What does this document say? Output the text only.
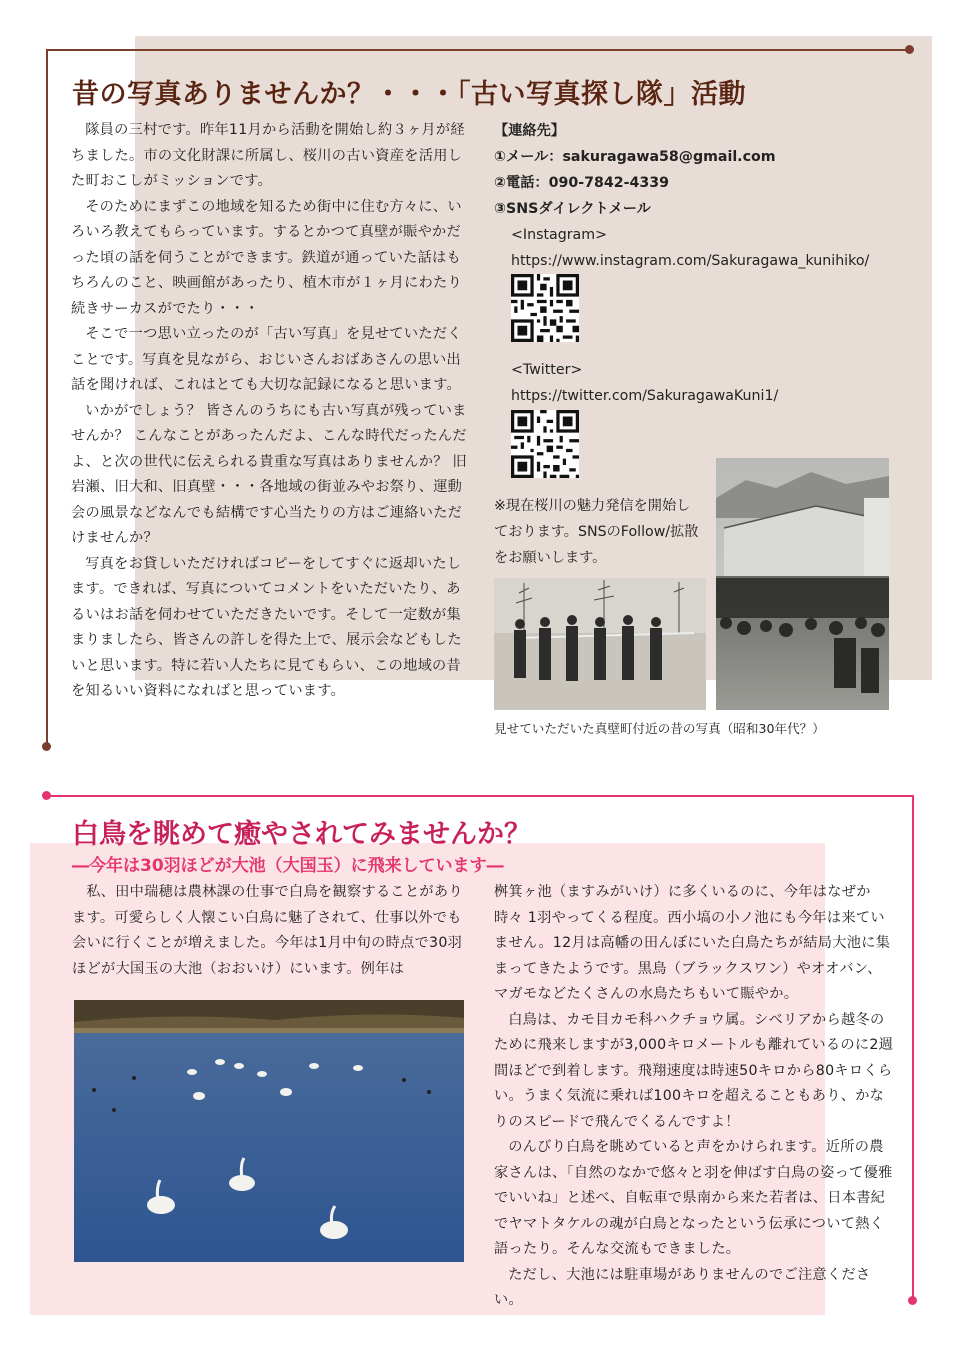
昔の写真ありませんか？・・・「古い写真探し隊」活動

隊員の三村です。昨年11月から活動を開始し約３ヶ月が経ちました。市の文化財課に所属し、桜川の古い資産を活用した町おこしがミッションです。

そのためにまずこの地域を知るため街中に住む方々に、いろいろ教えてもらっています。するとかつて真壁が賑やかだった頃の話を伺うことができます。鉄道が通っていた話はもちろんのこと、映画館があったり、植木市が１ヶ月にわたり続きサーカスがでたり・・・

そこで一つ思い立ったのが「古い写真」を見せていただくことです。写真を見ながら、おじいさんおばあさんの思い出話を聞ければ、これはとても大切な記録になると思います。

いかがでしょう？ 皆さんのうちにも古い写真が残っていませんか？ こんなことがあったんだよ、こんな時代だったんだよ、と次の世代に伝えられる貴重な写真はありませんか？ 旧岩瀬、旧大和、旧真壁・・・各地域の街並みやお祭り、運動会の風景などなんでも結構です心当たりの方はご連絡いただけませんか？

写真をお貸しいただければコピーをしてすぐに返却いたします。できれば、写真についてコメントをいただいたり、あるいはお話を伺わせていただきたいです。そして一定数が集まりましたら、皆さんの許しを得た上で、展示会などもしたいと思います。特に若い人たちに見てもらい、この地域の昔を知るいい資料になればと思っています。

【連絡先】
①メール：sakuragawa58@gmail.com
②電話：090-7842-4339
③SNSダイレクトメール
<Instagram>
https://www.instagram.com/Sakuragawa_kunihiko/
<Twitter>
https://twitter.com/SakuragawaKuni1/
※現在桜川の魅力発信を開始しております。SNSのFollow/拡散をお願いします。
見せていただいた真壁町付近の昔の写真（昭和30年代？）
白鳥を眺めて癒やされてみませんか？
―今年は30羽ほどが大池（大国玉）に飛来しています―

私、田中瑞穂は農林課の仕事で白鳥を観察することがあります。可愛らしく人懐こい白鳥に魅了されて、仕事以外でも会いに行くことが増えました。今年は1月中旬の時点で30羽ほどが大国玉の大池（おおいけ）にいます。例年は

桝箕ヶ池（ますみがいけ）に多くいるのに、今年はなぜか時々 1羽やってくる程度。西小塙の小ノ池にも今年は来ていません。12月は高幡の田んぼにいた白鳥たちが結局大池に集まってきたようです。黒鳥（ブラックスワン）やオオバン、マガモなどたくさんの水鳥たちもいて賑やか。

白鳥は、カモ目カモ科ハクチョウ属。シベリアから越冬のために飛来しますが3,000キロメートルも離れているのに2週間ほどで到着します。飛翔速度は時速50キロから80キロくらい。うまく気流に乗れば100キロを超えることもあり、かなりのスピードで飛んでくるんですよ！

のんびり白鳥を眺めていると声をかけられます。近所の農家さんは、「自然のなかで悠々と羽を伸ばす白鳥の姿って優雅でいいね」と述べ、自転車で県南から来た若者は、日本書紀でヤマトタケルの魂が白鳥となったという伝承について熱く語ったり。そんな交流もできました。

ただし、大池には駐車場がありませんのでご注意ください。
